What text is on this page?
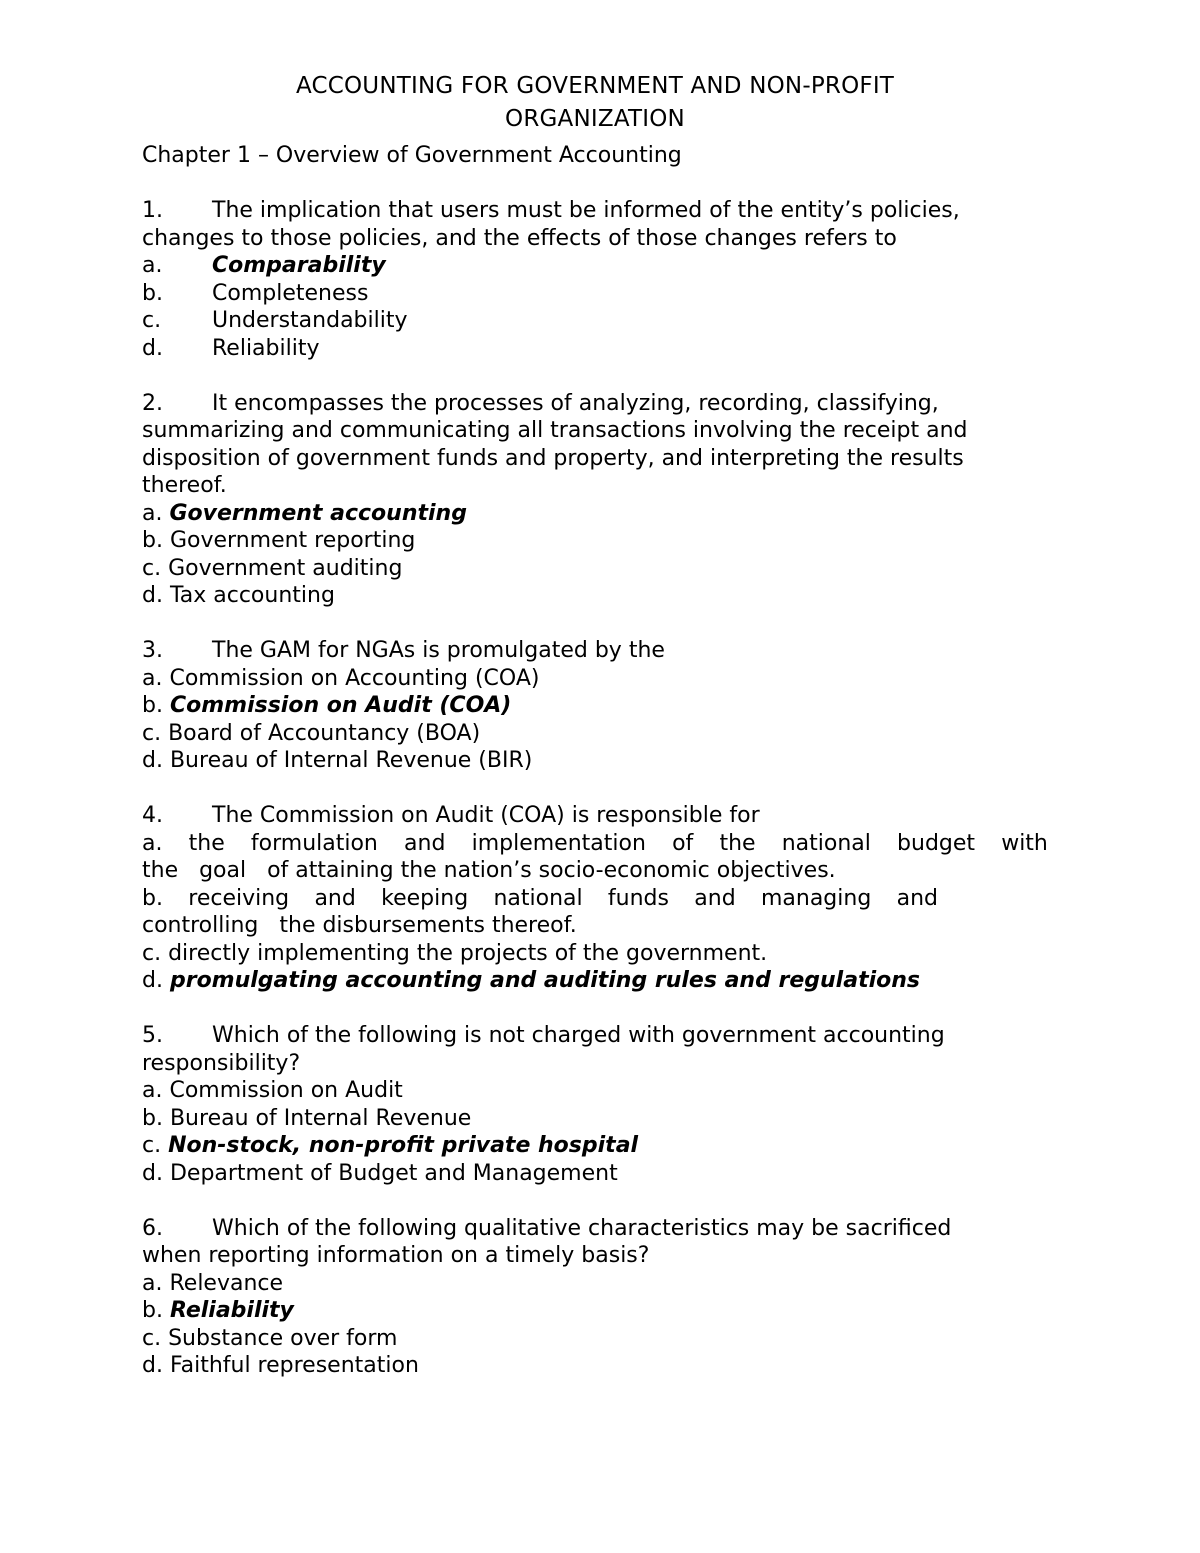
ACCOUNTING FOR GOVERNMENT AND NON-PROFIT
ORGANIZATION
Chapter 1 – Overview of Government Accounting
1. The implication that users must be informed of the entity’s policies,
changes to those policies, and the effects of those changes refers to
a. Comparability
b. Completeness
c. Understandability
d. Reliability
2. It encompasses the processes of analyzing, recording, classifying,
summarizing and communicating all transactions involving the receipt and
disposition of government funds and property, and interpreting the results
thereof.
a. Government accounting
b. Government reporting
c. Government auditing
d. Tax accounting
3. The GAM for NGAs is promulgated by the
a. Commission on Accounting (COA)
b. Commission on Audit (COA)
c. Board of Accountancy (BOA)
d. Bureau of Internal Revenue (BIR)
4. The Commission on Audit (COA) is responsible for
a. the formulation and implementation of the national budget with
the   goal   of attaining the nation’s socio-economic objectives.
b. receiving and keeping national funds and managing and
controlling   the disbursements thereof.
c. directly implementing the projects of the government.
d. promulgating accounting and auditing rules and regulations
5. Which of the following is not charged with government accounting
responsibility?
a. Commission on Audit
b. Bureau of Internal Revenue
c. Non-stock, non-profit private hospital
d. Department of Budget and Management
6. Which of the following qualitative characteristics may be sacrificed
when reporting information on a timely basis?
a. Relevance
b. Reliability
c. Substance over form
d. Faithful representation
